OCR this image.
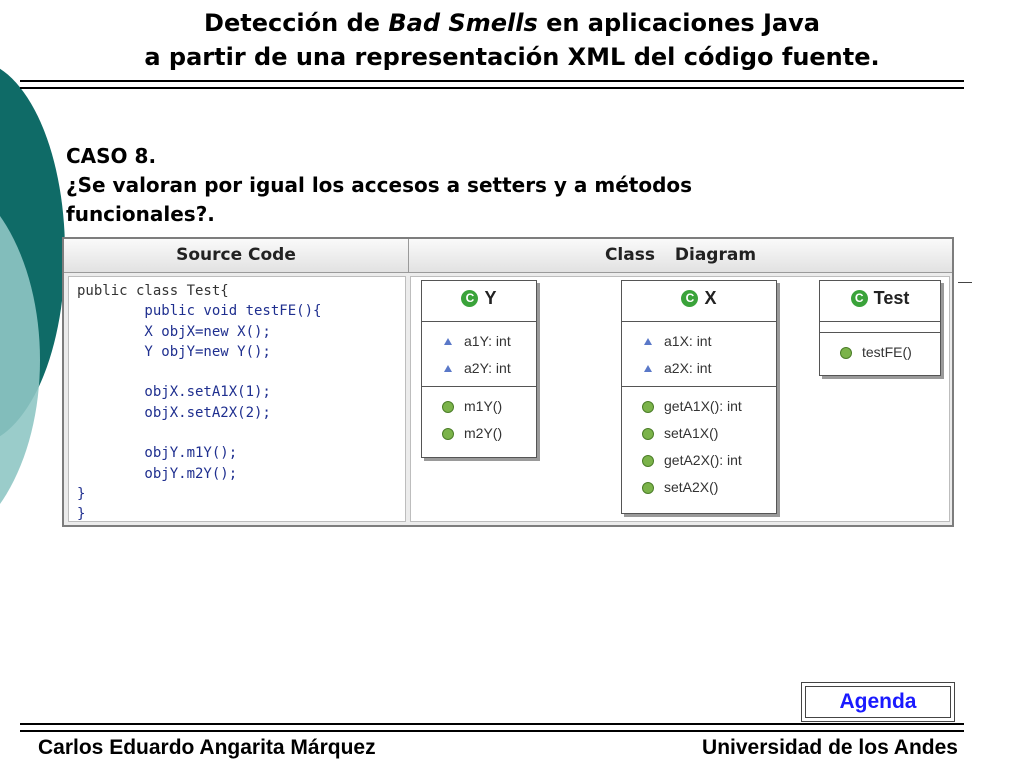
Detección de Bad Smells en aplicaciones Java
a partir de una representación XML del código fuente.
CASO 8.
¿Se valoran por igual los accesos a setters y a métodos
funcionales?.
Source Code	Class Diagram
public class Test{
public void testFE(){
X objX=new X();
Y objY=new Y();
objX.setA1X(1);
objX.setA2X(2);
objY.m1Y();
objY.m2Y();
}
}
C Y
a1Y: int
a2Y: int
m1Y()
m2Y()
C X
a1X: int
a2X: int
getA1X(): int
setA1X()
getA2X(): int
setA2X()
C Test
testFE()
Agenda
Carlos Eduardo Angarita Márquez	Universidad de los Andes
